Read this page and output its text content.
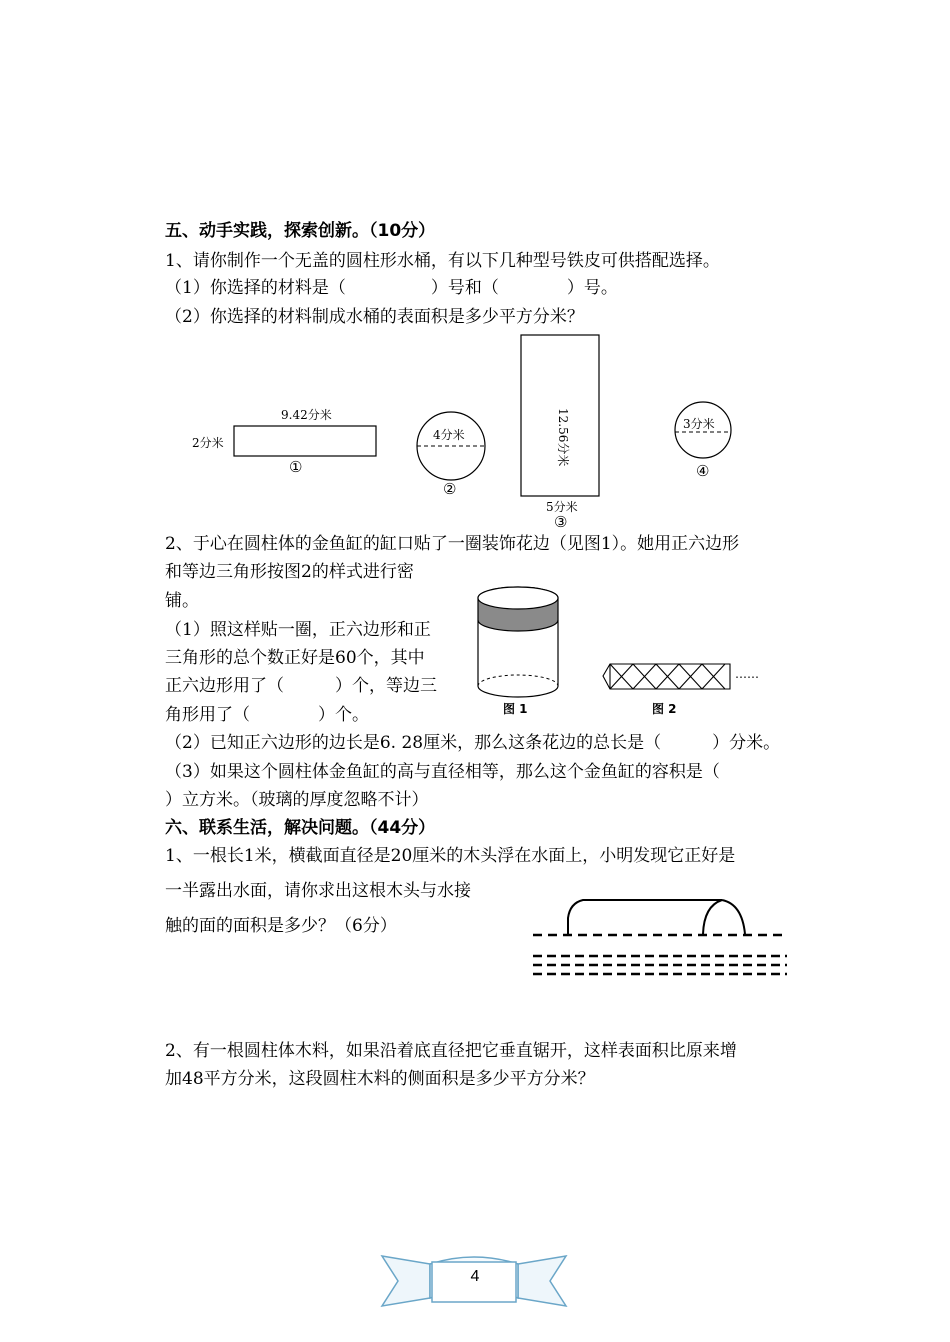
五、动手实践，探索创新。（10分）
1、请你制作一个无盖的圆柱形水桶，有以下几种型号铁皮可供搭配选择。
（1）你选择的材料是（　　　　　）号和（　　　　）号。
（2）你选择的材料制成水桶的表面积是多少平方分米？
9.42分米
2分米
①
4分米
②
12.56分米
5分米
③
3分米
④
2、于心在圆柱体的金鱼缸的缸口贴了一圈装饰花边（见图1）。她用正六边形
和等边三角形按图2的样式进行密
铺。
（1）照这样贴一圈，正六边形和正
三角形的总个数正好是60个，其中
正六边形用了（　　　）个，等边三
角形用了（　　　　）个。
（2）已知正六边形的边长是6. 28厘米，那么这条花边的总长是（　　　）分米。
（3）如果这个圆柱体金鱼缸的高与直径相等，那么这个金鱼缸的容积是（
）立方米。（玻璃的厚度忽略不计）
图 1	图 2
……
六、联系生活，解决问题。（44分）
1、一根长1米，横截面直径是20厘米的木头浮在水面上，小明发现它正好是
一半露出水面，请你求出这根木头与水接
触的面的面积是多少？（6分）
2、有一根圆柱体木料，如果沿着底直径把它垂直锯开，这样表面积比原来增
加48平方分米，这段圆柱木料的侧面积是多少平方分米？
4
